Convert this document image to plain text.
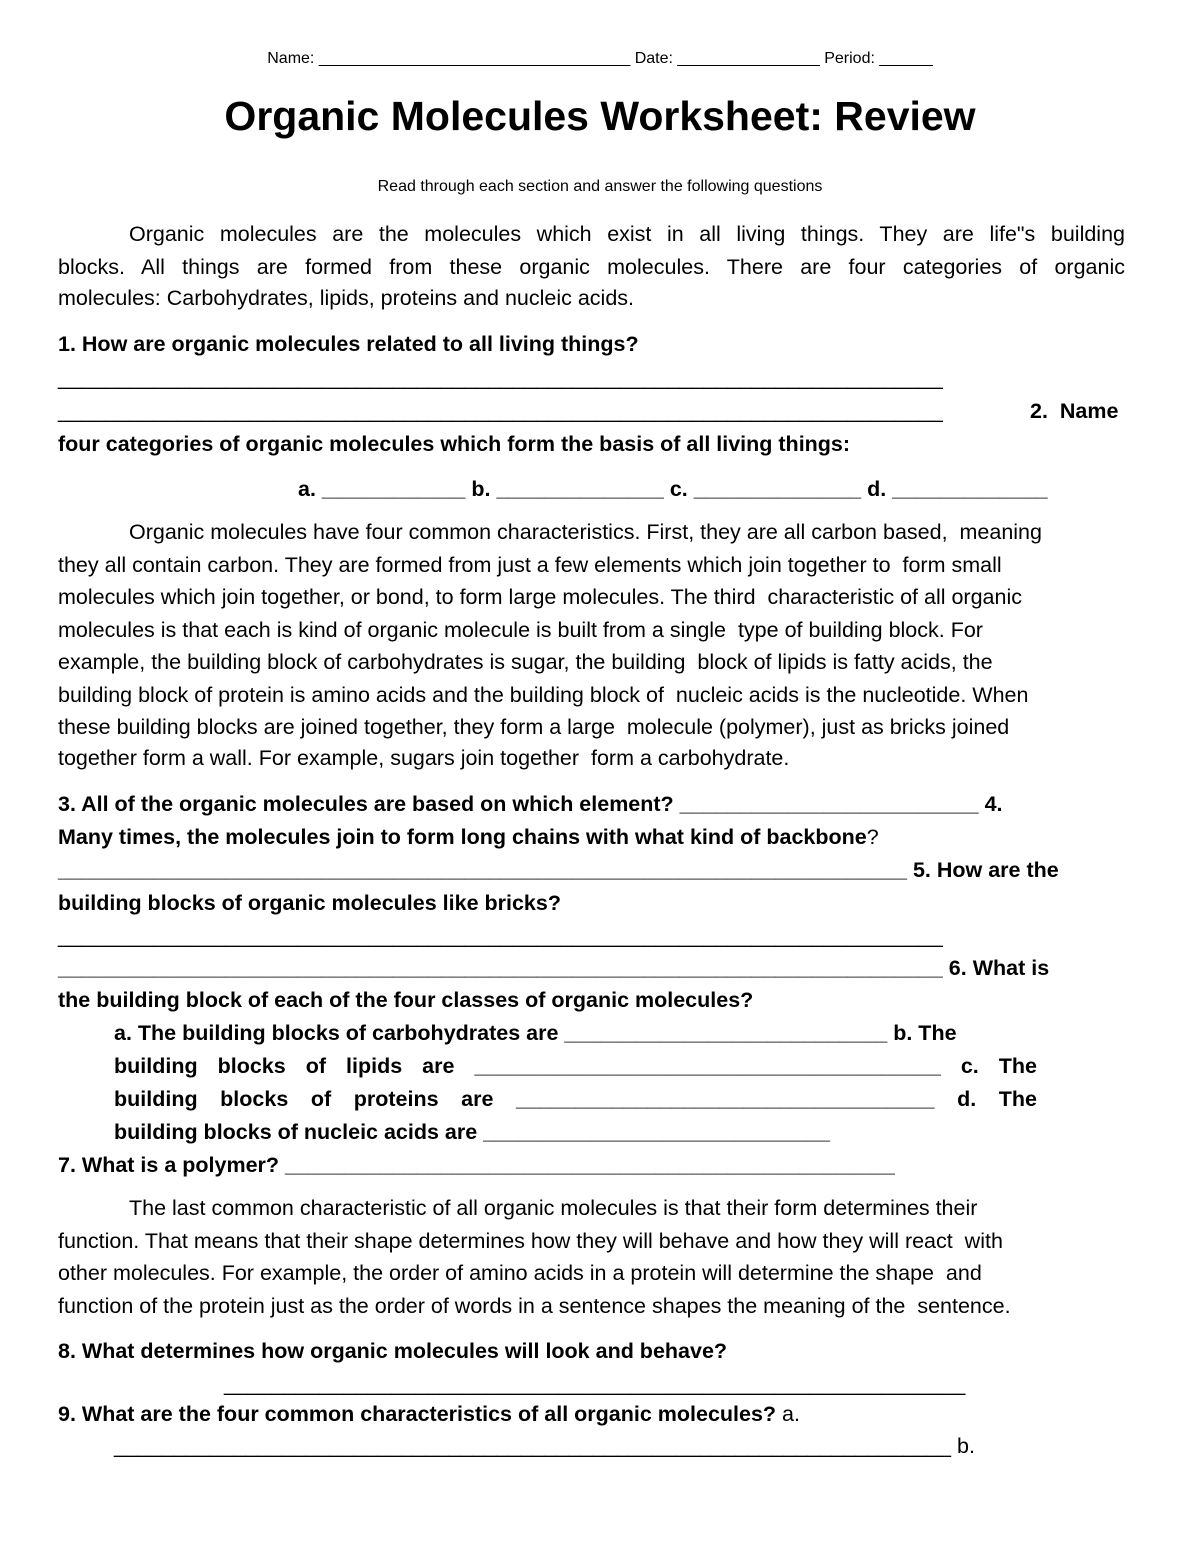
Name: ___________________________________ Date: ________________ Period: ______
Organic Molecules Worksheet: Review
Read through each section and answer the following questions
Organic molecules are the molecules which exist in all living things. They are life"s building
blocks. All things are formed from these organic molecules. There are four categories of organic
molecules: Carbohydrates, lipids, proteins and nucleic acids.
1. How are organic molecules related to all living things?
__________________________________________________________________________
__________________________________________________________________________	2.  Name
four categories of organic molecules which form the basis of all living things:
a. ____________ b. ______________ c. ______________ d. _____________
Organic molecules have four common characteristics. First, they are all carbon based,  meaning
they all contain carbon. They are formed from just a few elements which join together to  form small
molecules which join together, or bond, to form large molecules. The third  characteristic of all organic
molecules is that each is kind of organic molecule is built from a single  type of building block. For
example, the building block of carbohydrates is sugar, the building  block of lipids is fatty acids, the
building block of protein is amino acids and the building block of  nucleic acids is the nucleotide. When
these building blocks are joined together, they form a large  molecule (polymer), just as bricks joined
together form a wall. For example, sugars join together  form a carbohydrate.
3. All of the organic molecules are based on which element? _________________________ 4.
Many times, the molecules join to form long chains with what kind of backbone?
_______________________________________________________________________ 5. How are the
building blocks of organic molecules like bricks?
__________________________________________________________________________
__________________________________________________________________________ 6. What is
the building block of each of the four classes of organic molecules?
a. The building blocks of carbohydrates are ___________________________ b. The
building blocks of lipids are _______________________________________ c. The
building blocks of proteins are ___________________________________ d. The
building blocks of nucleic acids are _____________________________
7. What is a polymer? ___________________________________________________
The last common characteristic of all organic molecules is that their form determines their
function. That means that their shape determines how they will behave and how they will react  with
other molecules. For example, the order of amino acids in a protein will determine the shape  and
function of the protein just as the order of words in a sentence shapes the meaning of the  sentence.
8. What determines how organic molecules will look and behave?
______________________________________________________________
9. What are the four common characteristics of all organic molecules? a.
______________________________________________________________________ b.
